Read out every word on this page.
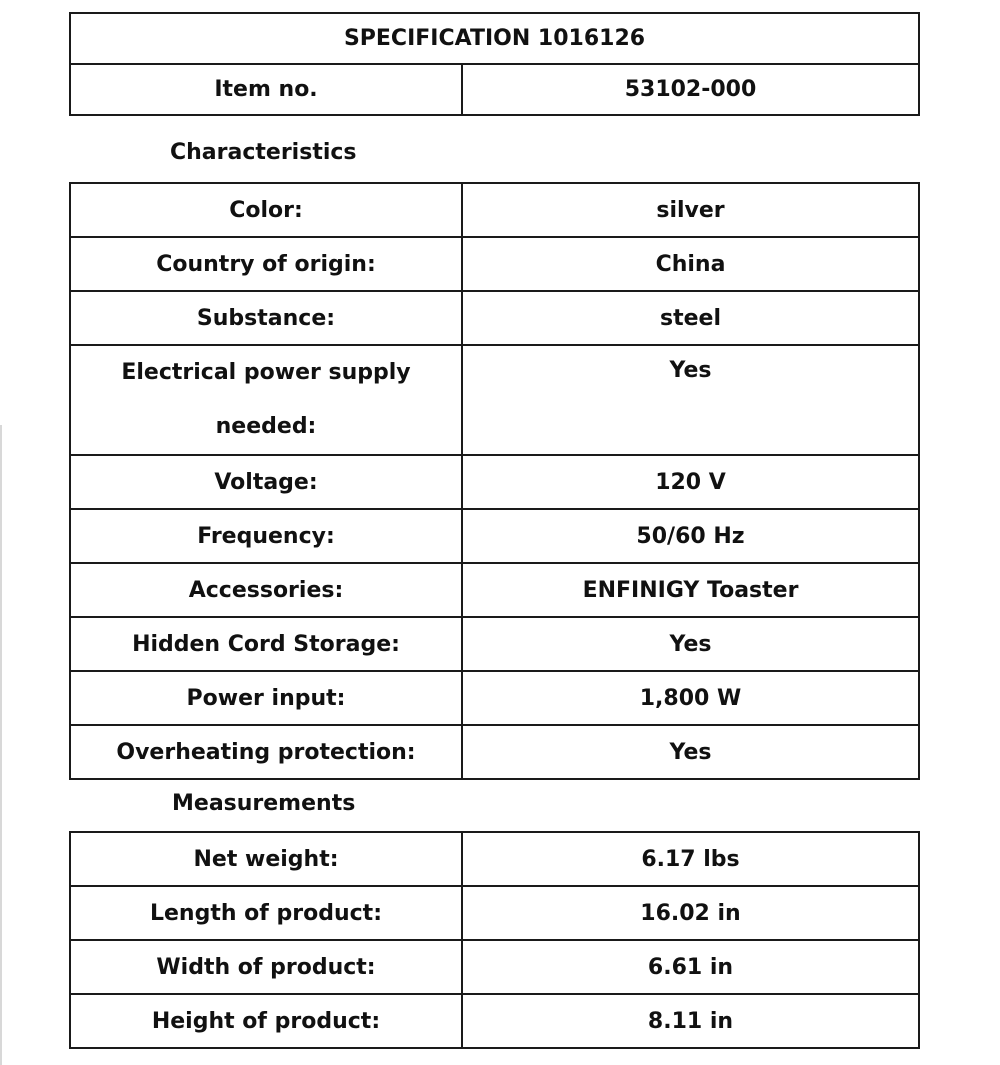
SPECIFICATION 1016126
Item no.	53102-000
Characteristics
Color:	silver
Country of origin:	China
Substance:	steel
Electrical power supply needed:	Yes
Voltage:	120 V
Frequency:	50/60 Hz
Accessories:	ENFINIGY Toaster
Hidden Cord Storage:	Yes
Power input:	1,800 W
Overheating protection:	Yes
Measurements
Net weight:	6.17 lbs
Length of product:	16.02 in
Width of product:	6.61 in
Height of product:	8.11 in
